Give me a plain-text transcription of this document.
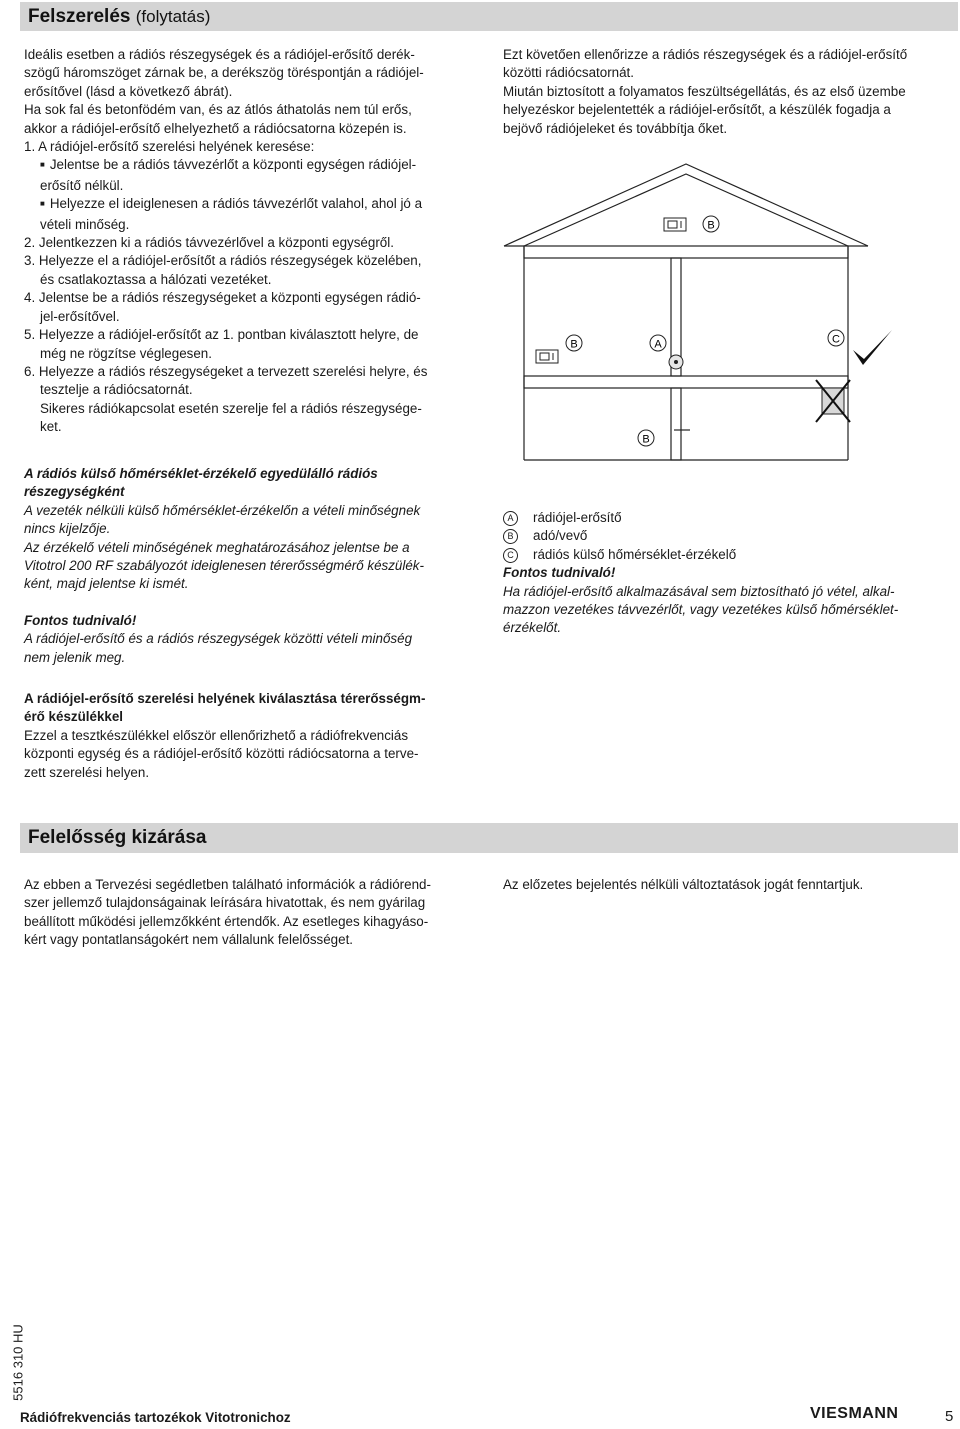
Felszerelés (folytatás)

Ideális esetben a rádiós részegységek és a rádiójel-erősítő derék-

szögű háromszöget zárnak be, a derékszög töréspontján a rádiójel-

erősítővel (lásd a következő ábrát).

Ha sok fal és betonfödém van, és az átlós áthatolás nem túl erős,

akkor a rádiójel-erősítő elhelyezhető a rádiócsatorna közepén is.

1. A rádiójel-erősítő szerelési helyének keresése:

■ Jelentse be a rádiós távvezérlőt a központi egységen rádiójel-

erősítő nélkül.

■ Helyezze el ideiglenesen a rádiós távvezérlőt valahol, ahol jó a

vételi minőség.

2. Jelentkezzen ki a rádiós távvezérlővel a központi egységről.

3. Helyezze el a rádiójel-erősítőt a rádiós részegységek közelében,

és csatlakoztassa a hálózati vezetéket.

4. Jelentse be a rádiós részegységeket a központi egységen rádió-

jel-erősítővel.

5. Helyezze a rádiójel-erősítőt az 1. pontban kiválasztott helyre, de

még ne rögzítse véglegesen.

6. Helyezze a rádiós részegységeket a tervezett szerelési helyre, és

tesztelje a rádiócsatornát.

Sikeres rádiókapcsolat esetén szerelje fel a rádiós részegysége-

ket.

A rádiós külső hőmérséklet-érzékelő egyedülálló rádiós

részegységként

A vezeték nélküli külső hőmérséklet-érzékelőn a vételi minőségnek

nincs kijelzője.

Az érzékelő vételi minőségének meghatározásához jelentse be a

Vitotrol 200 RF szabályozót ideiglenesen térerősségmérő készülék-

ként, majd jelentse ki ismét.

Fontos tudnivaló!

A rádiójel-erősítő és a rádiós részegységek közötti vételi minőség

nem jelenik meg.

A rádiójel-erősítő szerelési helyének kiválasztása térerősségm-

érő készülékkel

Ezzel a tesztkészülékkel először ellenőrizhető a rádiófrekvenciás

központi egység és a rádiójel-erősítő közötti rádiócsatorna a terve-

zett szerelési helyen.

Ezt követően ellenőrizze a rádiós részegységek és a rádiójel-erősítő

közötti rádiócsatornát.

Miután biztosított a folyamatos feszültségellátás, és az első üzembe

helyezéskor bejelentették a rádiójel-erősítőt, a készülék fogadja a

bejövő rádiójeleket és továbbítja őket.

B
B	A	C
B

A	rádiójel-erősítő

B	adó/vevő

C	rádiós külső hőmérséklet-érzékelő

Fontos tudnivaló!

Ha rádiójel-erősítő alkalmazásával sem biztosítható jó vétel, alkal-

mazzon vezetékes távvezérlőt, vagy vezetékes külső hőmérséklet-

érzékelőt.

Felelősség kizárása

Az ebben a Tervezési segédletben található információk a rádiórend-

szer jellemző tulajdonságainak leírására hivatottak, és nem gyárilag

beállított működési jellemzőkként értendők. Az esetleges kihagyáso-

kért vagy pontatlanságokért nem vállalunk felelősséget.

Az előzetes bejelentés nélküli változtatások jogát fenntartjuk.

5516 310 HU
Rádiófrekvenciás tartozékok Vitotronichoz	VIESMANN	5
